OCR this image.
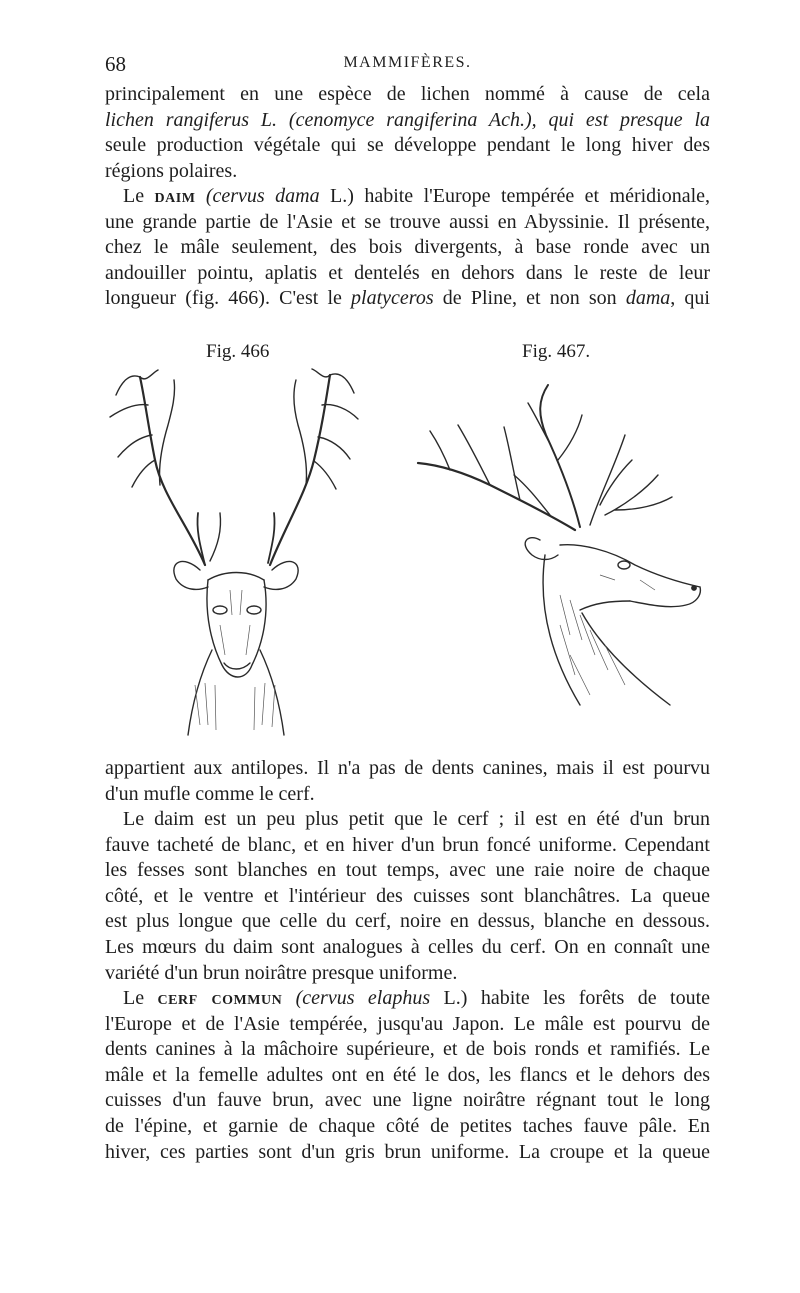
68	MAMMIFÈRES.
principalement en une espèce de lichen nommé à cause de cela
lichen rangiferus L. (cenomyce rangiferina Ach.), qui est presque la
seule production végétale qui se développe pendant le long hiver des
régions polaires.
Le daim (cervus dama L.) habite l'Europe tempérée et méridionale,
une grande partie de l'Asie et se trouve aussi en Abyssinie. Il présente,
chez le mâle seulement, des bois divergents, à base ronde avec un
andouiller pointu, aplatis et dentelés en dehors dans le reste de leur
longueur (fig. 466). C'est le platyceros de Pline, et non son dama, qui
Fig. 466	Fig. 467.
appartient aux antilopes. Il n'a pas de dents canines, mais il est pourvu
d'un mufle comme le cerf.
Le daim est un peu plus petit que le cerf ; il est en été d'un brun
fauve tacheté de blanc, et en hiver d'un brun foncé uniforme. Cependant
les fesses sont blanches en tout temps, avec une raie noire de chaque
côté, et le ventre et l'intérieur des cuisses sont blanchâtres. La queue
est plus longue que celle du cerf, noire en dessus, blanche en dessous.
Les mœurs du daim sont analogues à celles du cerf. On en connaît une
variété d'un brun noirâtre presque uniforme.
Le cerf commun (cervus elaphus L.) habite les forêts de toute
l'Europe et de l'Asie tempérée, jusqu'au Japon. Le mâle est pourvu de
dents canines à la mâchoire supérieure, et de bois ronds et ramifiés. Le
mâle et la femelle adultes ont en été le dos, les flancs et le dehors des
cuisses d'un fauve brun, avec une ligne noirâtre régnant tout le long
de l'épine, et garnie de chaque côté de petites taches fauve pâle. En
hiver, ces parties sont d'un gris brun uniforme. La croupe et la queue
